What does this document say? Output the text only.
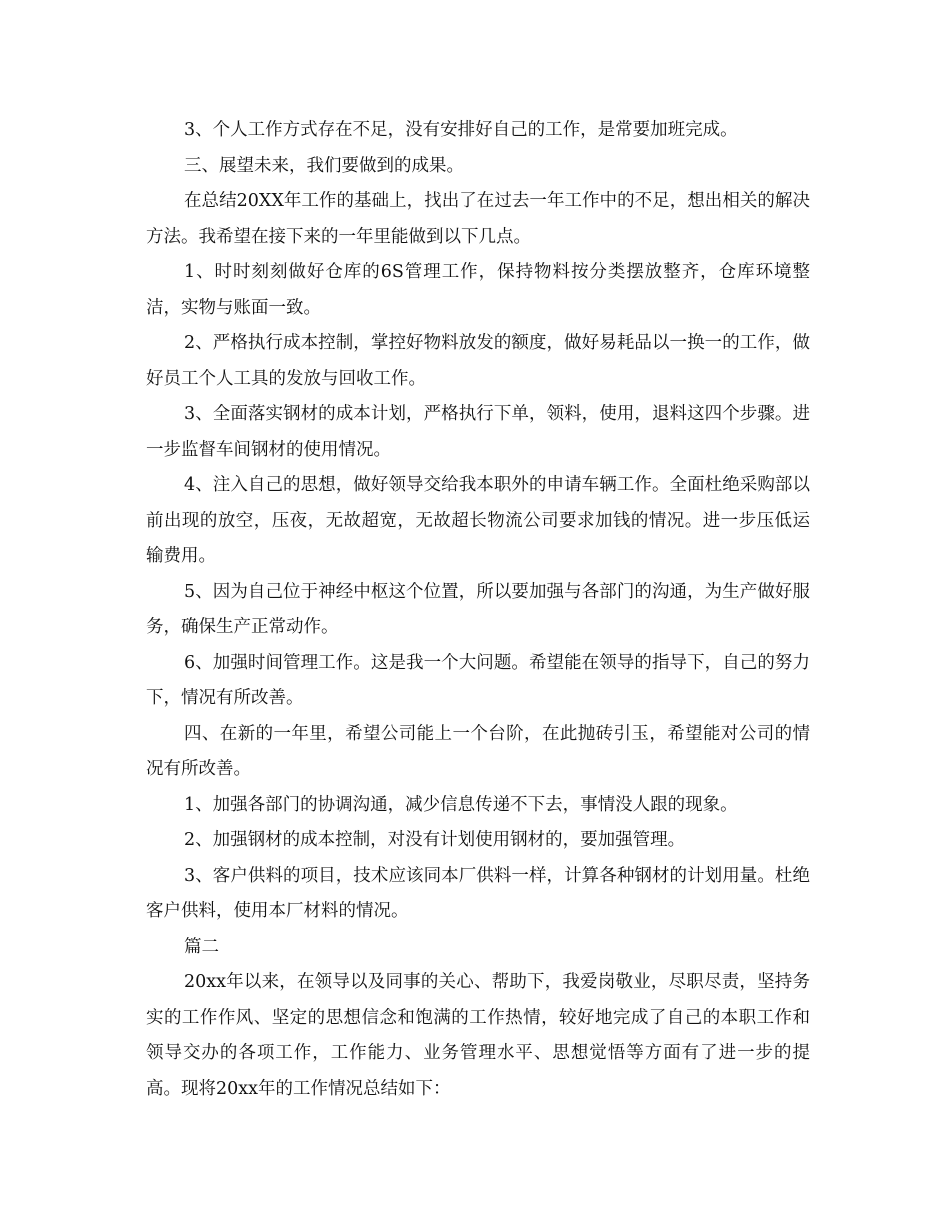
3、个人工作方式存在不足，没有安排好自己的工作，是常要加班完成。

三、展望未来，我们要做到的成果。

在总结20XX年工作的基础上，找出了在过去一年工作中的不足，想出相关的解决方法。我希望在接下来的一年里能做到以下几点。

1、时时刻刻做好仓库的6S管理工作，保持物料按分类摆放整齐，仓库环境整洁，实物与账面一致。

2、严格执行成本控制，掌控好物料放发的额度，做好易耗品以一换一的工作，做好员工个人工具的发放与回收工作。

3、全面落实钢材的成本计划，严格执行下单，领料，使用，退料这四个步骤。进一步监督车间钢材的使用情况。

4、注入自己的思想，做好领导交给我本职外的申请车辆工作。全面杜绝采购部以前出现的放空，压夜，无故超宽，无故超长物流公司要求加钱的情况。进一步压低运输费用。

5、因为自己位于神经中枢这个位置，所以要加强与各部门的沟通，为生产做好服务，确保生产正常动作。

6、加强时间管理工作。这是我一个大问题。希望能在领导的指导下，自己的努力下，情况有所改善。

四、在新的一年里，希望公司能上一个台阶，在此抛砖引玉，希望能对公司的情况有所改善。

1、加强各部门的协调沟通，减少信息传递不下去，事情没人跟的现象。

2、加强钢材的成本控制，对没有计划使用钢材的，要加强管理。

3、客户供料的项目，技术应该同本厂供料一样，计算各种钢材的计划用量。杜绝客户供料，使用本厂材料的情况。

篇二

20xx年以来，在领导以及同事的关心、帮助下，我爱岗敬业，尽职尽责，坚持务实的工作作风、坚定的思想信念和饱满的工作热情，较好地完成了自己的本职工作和领导交办的各项工作，工作能力、业务管理水平、思想觉悟等方面有了进一步的提高。现将20xx年的工作情况总结如下：
